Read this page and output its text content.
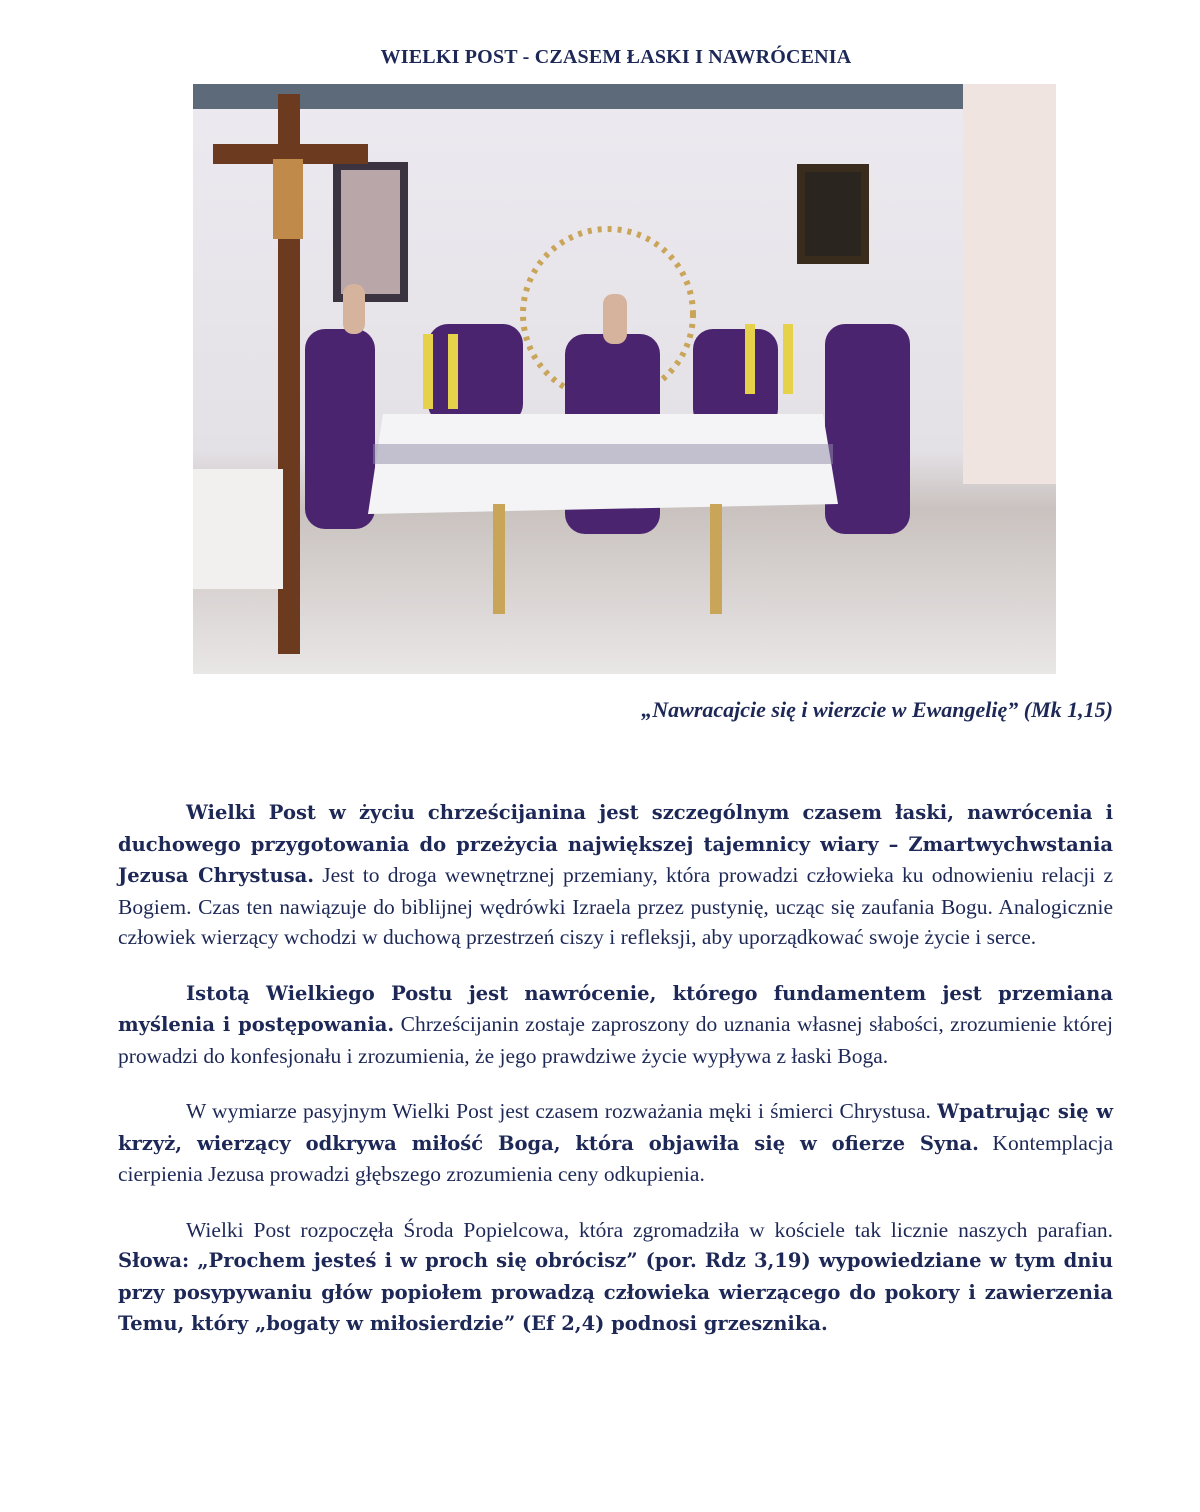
WIELKI POST - CZASEM ŁASKI I NAWRÓCENIA
„Nawracajcie się i wierzcie w Ewangelię” (Mk 1,15)

Wielki Post w życiu chrześcijanina jest szczególnym czasem łaski, nawrócenia i duchowego przygotowania do przeżycia największej tajemnicy wiary – Zmartwychwstania Jezusa Chrystusa. Jest to droga wewnętrznej przemiany, która prowadzi człowieka ku odnowieniu relacji z Bogiem. Czas ten nawiązuje do biblijnej wędrówki Izraela przez pustynię, ucząc się zaufania Bogu. Analogicznie człowiek wierzący wchodzi w duchową przestrzeń ciszy i refleksji, aby uporządkować swoje życie i serce.

Istotą Wielkiego Postu jest nawrócenie, którego fundamentem jest przemiana myślenia i postępowania. Chrześcijanin zostaje zaproszony do uznania własnej słabości, zrozumienie której prowadzi do konfesjonału i zrozumienia, że jego prawdziwe życie wypływa z łaski Boga.

W wymiarze pasyjnym Wielki Post jest czasem rozważania męki i śmierci Chrystusa. Wpatrując się w krzyż, wierzący odkrywa miłość Boga, która objawiła się w ofierze Syna. Kontemplacja cierpienia Jezusa prowadzi głębszego zrozumienia ceny odkupienia.

Wielki Post rozpoczęła Środa Popielcowa, która zgromadziła w kościele tak licznie naszych parafian. Słowa: „Prochem jesteś i w proch się obrócisz” (por. Rdz 3,19) wypowiedziane w tym dniu przy posypywaniu głów popiołem prowadzą człowieka wierzącego do pokory i zawierzenia Temu, który „bogaty w miłosierdzie” (Ef 2,4) podnosi grzesznika.
